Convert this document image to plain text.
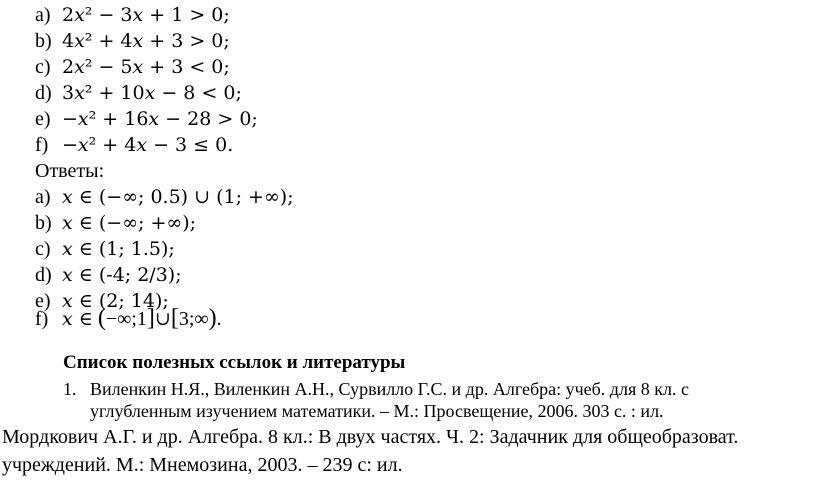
a) 2𝑥² − 3𝑥 + 1 > 0;
b) 4𝑥² + 4𝑥 + 3 > 0;
c) 2𝑥² − 5𝑥 + 3 < 0;
d) 3𝑥² + 10𝑥 − 8 < 0;
e) −𝑥² + 16𝑥 − 28 > 0;
f) −𝑥² + 4𝑥 − 3 ≤ 0.
Ответы:
a) 𝑥 ∈ (−∞; 0.5) ∪ (1; +∞);
b) 𝑥 ∈ (−∞; +∞);
c) 𝑥 ∈ (1; 1.5);
d) 𝑥 ∈ (-4; 2/3);
e) 𝑥 ∈ (2; 14);
f) 𝑥 ∈ (−∞;1]∪[3;∞).
Список полезных ссылок и литературы
1. Виленкин Н.Я., Виленкин А.Н., Сурвилло Г.С. и др. Алгебра: учеб. для 8 кл. с
углубленным изучением математики. – М.: Просвещение, 2006. 303 с. : ил.
Мордкович А.Г. и др. Алгебра. 8 кл.: В двух частях. Ч. 2: Задачник для общеобразоват.
учреждений. М.: Мнемозина, 2003. – 239 с: ил.
